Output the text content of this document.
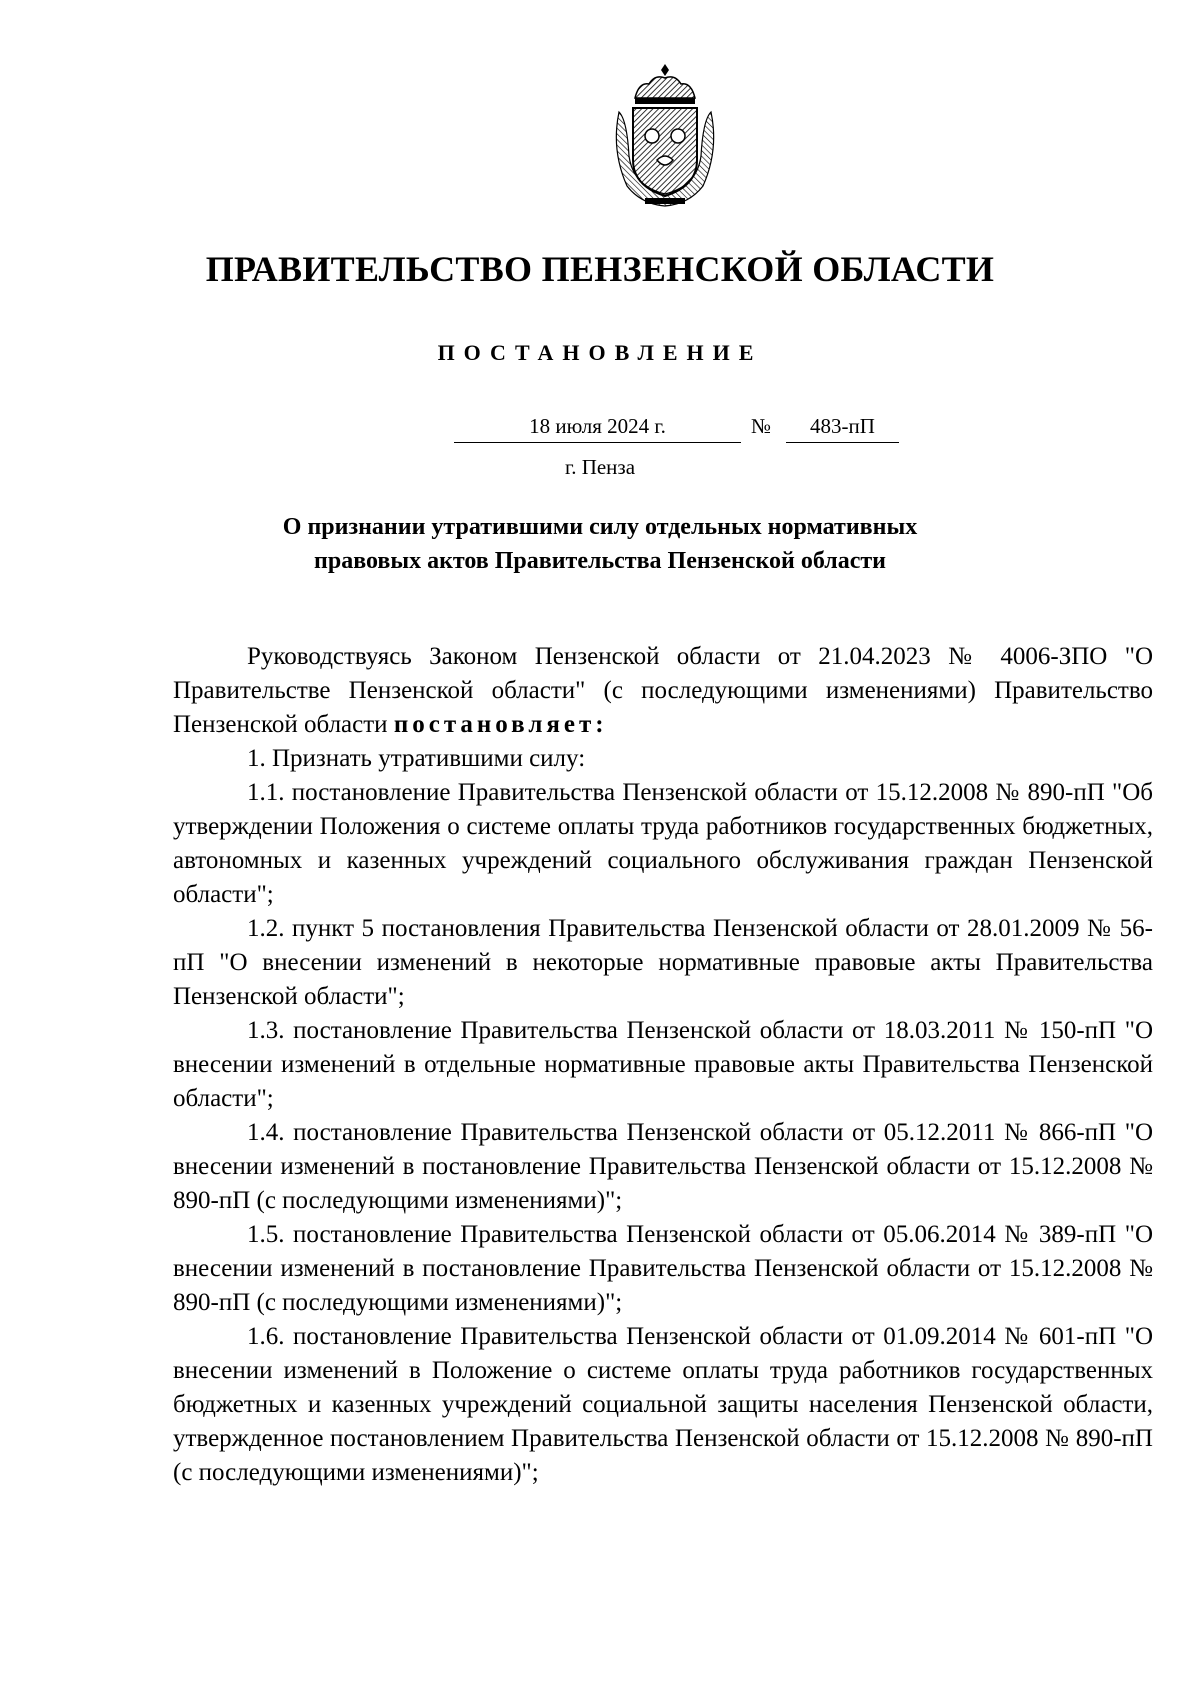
ПРАВИТЕЛЬСТВО ПЕНЗЕНСКОЙ ОБЛАСТИ
ПОСТАНОВЛЕНИЕ
18 июля 2024 г.	№	483-пП
г. Пенза
О признании утратившими силу отдельных нормативных
правовых актов Правительства Пензенской области

Руководствуясь Законом Пензенской области от 21.04.2023 № 4006-ЗПО "О Правительстве Пензенской области" (с последующими изменениями) Правительство Пензенской области постановляет:

1. Признать утратившими силу:

1.1. постановление Правительства Пензенской области от 15.12.2008 № 890-пП "Об утверждении Положения о системе оплаты труда работников государственных бюджетных, автономных и казенных учреждений социального обслуживания граждан Пензенской области";

1.2. пункт 5 постановления Правительства Пензенской области от 28.01.2009 № 56-пП "О внесении изменений в некоторые нормативные правовые акты Правительства Пензенской области";

1.3. постановление Правительства Пензенской области от 18.03.2011 № 150-пП "О внесении изменений в отдельные нормативные правовые акты Правительства Пензенской области";

1.4. постановление Правительства Пензенской области от 05.12.2011 № 866-пП "О внесении изменений в постановление Правительства Пензенской области от 15.12.2008 № 890-пП (с последующими изменениями)";

1.5. постановление Правительства Пензенской области от 05.06.2014 № 389-пП "О внесении изменений в постановление Правительства Пензенской области от 15.12.2008 № 890-пП (с последующими изменениями)";

1.6. постановление Правительства Пензенской области от 01.09.2014 № 601-пП "О внесении изменений в Положение о системе оплаты труда работников государственных бюджетных и казенных учреждений социальной защиты населения Пензенской области, утвержденное постановлением Правительства Пензенской области от 15.12.2008 № 890-пП (с последующими изменениями)";
